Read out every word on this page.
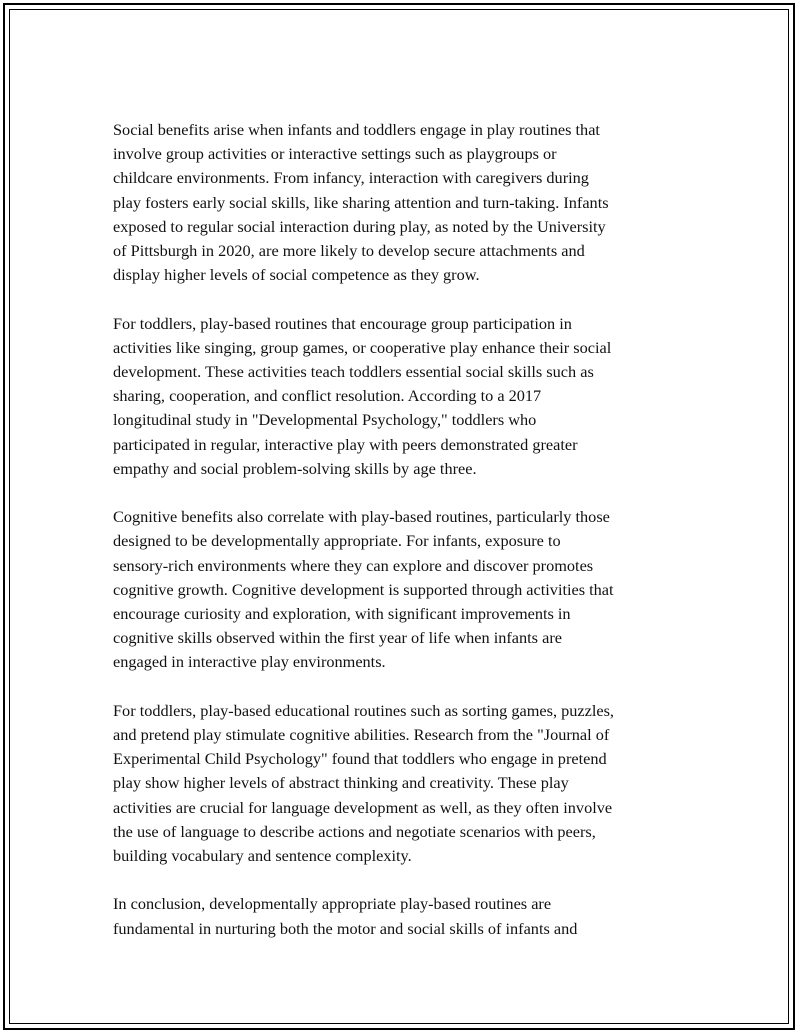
Social benefits arise when infants and toddlers engage in play routines that
involve group activities or interactive settings such as playgroups or
childcare environments. From infancy, interaction with caregivers during
play fosters early social skills, like sharing attention and turn-taking. Infants
exposed to regular social interaction during play, as noted by the University
of Pittsburgh in 2020, are more likely to develop secure attachments and
display higher levels of social competence as they grow.

For toddlers, play-based routines that encourage group participation in
activities like singing, group games, or cooperative play enhance their social
development. These activities teach toddlers essential social skills such as
sharing, cooperation, and conflict resolution. According to a 2017
longitudinal study in "Developmental Psychology," toddlers who
participated in regular, interactive play with peers demonstrated greater
empathy and social problem-solving skills by age three.

Cognitive benefits also correlate with play-based routines, particularly those
designed to be developmentally appropriate. For infants, exposure to
sensory-rich environments where they can explore and discover promotes
cognitive growth. Cognitive development is supported through activities that
encourage curiosity and exploration, with significant improvements in
cognitive skills observed within the first year of life when infants are
engaged in interactive play environments.

For toddlers, play-based educational routines such as sorting games, puzzles,
and pretend play stimulate cognitive abilities. Research from the "Journal of
Experimental Child Psychology" found that toddlers who engage in pretend
play show higher levels of abstract thinking and creativity. These play
activities are crucial for language development as well, as they often involve
the use of language to describe actions and negotiate scenarios with peers,
building vocabulary and sentence complexity.

In conclusion, developmentally appropriate play-based routines are
fundamental in nurturing both the motor and social skills of infants and
